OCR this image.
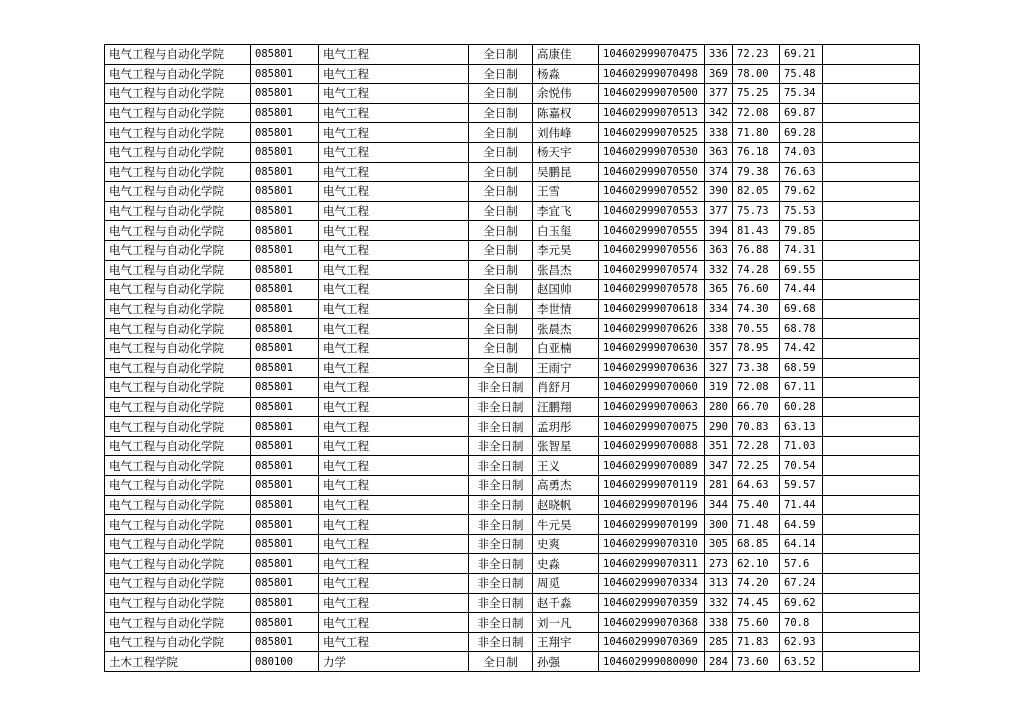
电气工程与自动化学院	085801	电气工程	全日制	高康佳	104602999070475	336	72.23	69.21	
电气工程与自动化学院	085801	电气工程	全日制	杨淼	104602999070498	369	78.00	75.48	
电气工程与自动化学院	085801	电气工程	全日制	余悦伟	104602999070500	377	75.25	75.34	
电气工程与自动化学院	085801	电气工程	全日制	陈嘉权	104602999070513	342	72.08	69.87	
电气工程与自动化学院	085801	电气工程	全日制	刘伟峰	104602999070525	338	71.80	69.28	
电气工程与自动化学院	085801	电气工程	全日制	杨天宇	104602999070530	363	76.18	74.03	
电气工程与自动化学院	085801	电气工程	全日制	吴鹏昆	104602999070550	374	79.38	76.63	
电气工程与自动化学院	085801	电气工程	全日制	王雪	104602999070552	390	82.05	79.62	
电气工程与自动化学院	085801	电气工程	全日制	李宜飞	104602999070553	377	75.73	75.53	
电气工程与自动化学院	085801	电气工程	全日制	白玉玺	104602999070555	394	81.43	79.85	
电气工程与自动化学院	085801	电气工程	全日制	李元昊	104602999070556	363	76.88	74.31	
电气工程与自动化学院	085801	电气工程	全日制	张昌杰	104602999070574	332	74.28	69.55	
电气工程与自动化学院	085801	电气工程	全日制	赵国帅	104602999070578	365	76.60	74.44	
电气工程与自动化学院	085801	电气工程	全日制	李世情	104602999070618	334	74.30	69.68	
电气工程与自动化学院	085801	电气工程	全日制	张晨杰	104602999070626	338	70.55	68.78	
电气工程与自动化学院	085801	电气工程	全日制	白亚楠	104602999070630	357	78.95	74.42	
电气工程与自动化学院	085801	电气工程	全日制	王雨宁	104602999070636	327	73.38	68.59	
电气工程与自动化学院	085801	电气工程	非全日制	肖舒月	104602999070060	319	72.08	67.11	
电气工程与自动化学院	085801	电气工程	非全日制	汪鹏翔	104602999070063	280	66.70	60.28	
电气工程与自动化学院	085801	电气工程	非全日制	孟玥彤	104602999070075	290	70.83	63.13	
电气工程与自动化学院	085801	电气工程	非全日制	张智星	104602999070088	351	72.28	71.03	
电气工程与自动化学院	085801	电气工程	非全日制	王义	104602999070089	347	72.25	70.54	
电气工程与自动化学院	085801	电气工程	非全日制	高勇杰	104602999070119	281	64.63	59.57	
电气工程与自动化学院	085801	电气工程	非全日制	赵晓帆	104602999070196	344	75.40	71.44	
电气工程与自动化学院	085801	电气工程	非全日制	牛元昊	104602999070199	300	71.48	64.59	
电气工程与自动化学院	085801	电气工程	非全日制	史爽	104602999070310	305	68.85	64.14	
电气工程与自动化学院	085801	电气工程	非全日制	史淼	104602999070311	273	62.10	57.6	
电气工程与自动化学院	085801	电气工程	非全日制	周觅	104602999070334	313	74.20	67.24	
电气工程与自动化学院	085801	电气工程	非全日制	赵千淼	104602999070359	332	74.45	69.62	
电气工程与自动化学院	085801	电气工程	非全日制	刘一凡	104602999070368	338	75.60	70.8	
电气工程与自动化学院	085801	电气工程	非全日制	王翔宇	104602999070369	285	71.83	62.93	
土木工程学院	080100	力学	全日制	孙强	104602999080090	284	73.60	63.52	
